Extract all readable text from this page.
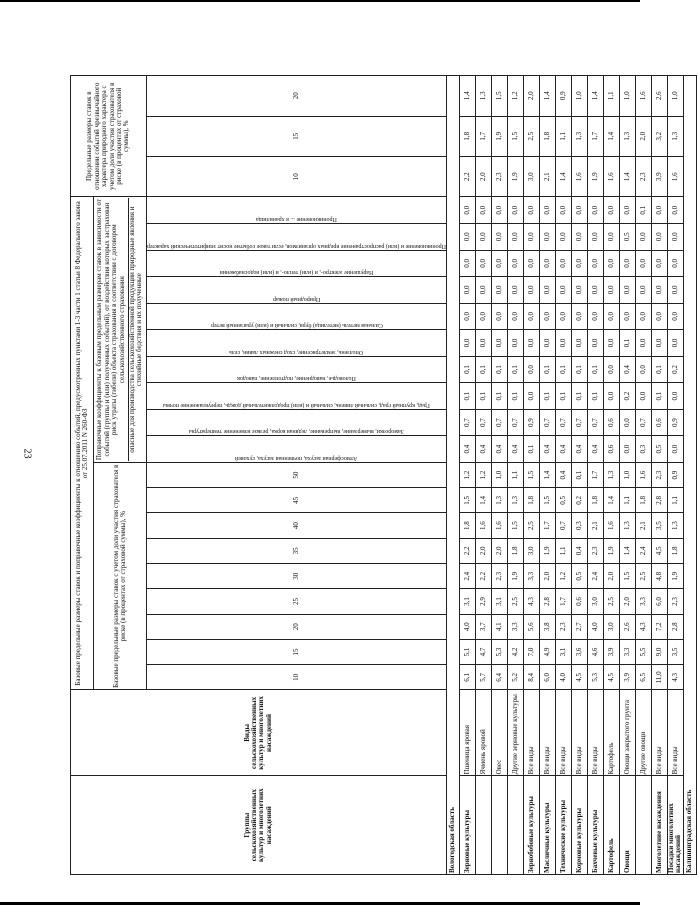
23
Группы сельскохозяйственных культур и многолетних насаждений	Виды сельскохозяйственных культур и многолетних насаждений	Базовые предельные размеры ставок и поправочные коэффициенты к отношению событий, предусмотренных пунктами 1-3 части 1 статьи 8 Федерального закона от 25.07.2011 N 260-ФЗ																			Предельные размеры ставок в отношении событий чрезвычайного характера природного характера с учетом доли участия страхователя в риске (в процентах от страховой суммы), %		
		Базовые предельные размеры ставок с учетом доли участия страхователя в риске (в процентах от страховой суммы), %									Поправочные коэффициенты к базовым предельным размерам ставок в зависимости от событий (группы и (или) полученных событий), от воздействия которых застрахован риск утраты (гибели) объекта страхования в соответствии с договором сельскохозяйственного страхования опасные для производства сельскохозяйственной продукции природные явления и стихийные бедствия и их полученные												

		10	15	20	25	30	35	40	45	50	Атмосферная засуха, почвенная засуха, суховей	Заморозки, вымерзание, выпревание, ледяная корка, резкое изменение температуры	Град, крупный град, сильный ливень, сильный и (или) продолжительный дождь, переувлажнение почвы	Половодье, наводнение, подтопление, паводок	Оползень, землетрясение, сход снежных лавин, сель	Сильная метель (метелица) буря, сильный и (или) ураганный ветер	Природный пожар	Нарушение электро-, и (или) тепло-, и (или) водоснабжения	Проникновение и (или) распространение вредных организмов, если такое событие носит эпифитотический характер	Проникновение ... в хранилища	10	15	20
Вологодская область																							
Зерновые культуры	Пшеница яровая	6,1	5,1	4,0	3,1	2,4	2,2	1,8	1,5	1,2	0,4	0,7	0,1	0,1	0,0	0,0	0,0	0,0	0,0	0,0	2,2	1,8	1,4
	Ячмень яровой	5,7	4,7	3,7	2,9	2,2	2,0	1,6	1,4	1,2	0,4	0,7	0,1	0,1	0,0	0,0	0,0	0,0	0,0	0,0	2,0	1,7	1,3
	Овес	6,4	5,3	4,1	3,1	2,3	2,0	1,6	1,3	1,0	0,4	0,7	0,1	0,1	0,0	0,0	0,0	0,0	0,0	0,0	2,3	1,9	1,5
	Другие зерновые культуры	5,2	4,2	3,3	2,5	1,9	1,8	1,5	1,3	1,1	0,4	0,7	0,1	0,1	0,0	0,0	0,0	0,0	0,0	0,0	1,9	1,5	1,2
Зернобобовые культуры	Все виды	8,4	7,0	5,6	4,3	3,3	3,0	2,5	1,8	1,5	0,1	0,9	0,0	0,0	0,0	0,0	0,0	0,0	0,0	0,0	3,0	2,5	2,0
Масличные культуры	Все виды	6,0	4,9	3,8	2,8	2,0	1,9	1,7	1,5	1,4	0,4	0,7	0,1	0,1	0,0	0,0	0,0	0,0	0,0	0,0	2,1	1,8	1,4
Технические культуры	Все виды	4,0	3,1	2,3	1,7	1,2	1,1	0,7	0,5	0,4	0,4	0,7	0,1	0,1	0,0	0,0	0,0	0,0	0,0	0,0	1,4	1,1	0,9
Кормовые культуры	Все виды	4,5	3,6	2,7	0,6	0,5	0,4	0,3	0,2	0,1	0,4	0,7	0,1	0,1	0,0	0,0	0,0	0,0	0,0	0,0	1,6	1,3	1,0
Бахчевые культуры	Все виды	5,3	4,6	4,0	3,0	2,4	2,3	2,1	1,8	1,7	0,4	0,7	0,1	0,1	0,0	0,0	0,0	0,0	0,0	0,0	1,9	1,7	1,4
Картофель	Картофель	4,5	3,9	3,0	2,5	2,0	1,9	1,6	1,4	1,3	0,6	0,6	0,0	0,0	0,0	0,0	0,0	0,0	0,0	0,0	1,6	1,4	1,1
Овощи	Овощи закрытого грунта	3,9	3,3	2,6	2,0	1,5	1,4	1,3	1,1	1,0	0,0	0,0	0,2	0,4	0,1	0,0	0,0	0,0	0,5	0,0	1,4	1,3	1,0
	Другие овощи	6,5	5,5	4,3	3,3	2,5	2,4	2,1	1,8	1,6	0,3	0,7	0,0	0,0	0,0	0,0	0,0	0,0	0,0	0,1	2,3	2,0	1,6
Многолетние насаждения	Все виды	11,0	9,0	7,2	6,0	4,8	4,5	3,5	2,8	2,3	0,5	0,6	0,1	0,1	0,0	0,0	0,0	0,0	0,0	0,0	3,9	3,2	2,6
Посадки многолетних насаждений	Все виды	4,3	3,5	2,8	2,3	1,9	1,8	1,3	1,1	0,9	0,0	0,9	0,0	0,2	0,0	0,0	0,0	0,0	0,0	0,0	1,6	1,3	1,0
Калининградская область																							
